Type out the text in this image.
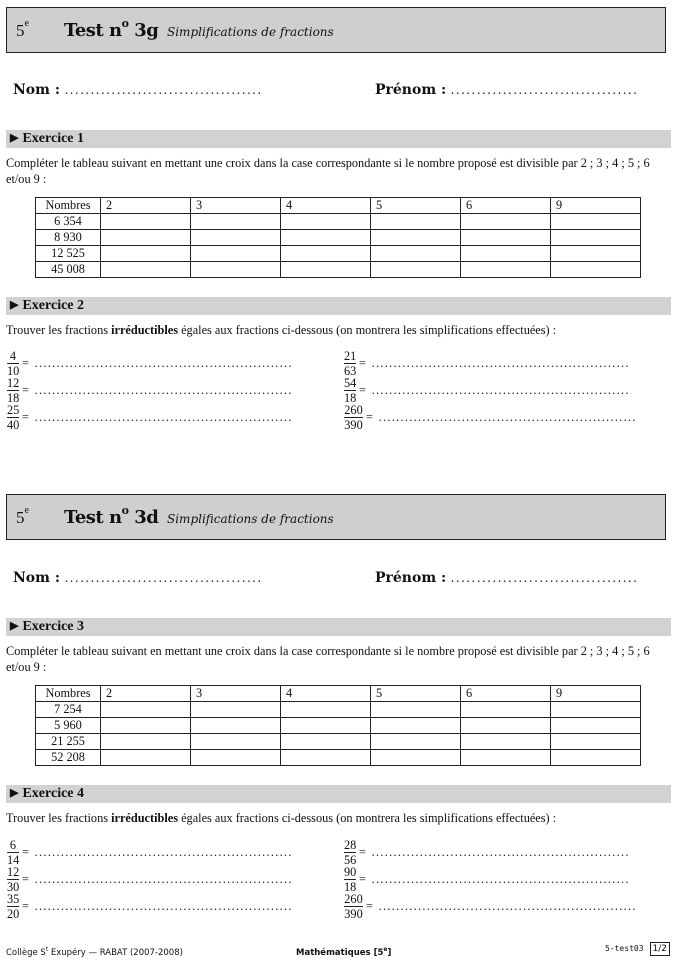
5e Test $n^o$ 3g Simplifications de fractions
Nom : ......................................	Prénom : ....................................
▶ Exercice 1
Compléter le tableau suivant en mettant une croix dans la case correspondante si le nombre proposé est divisible par 2 ; 3 ; 4 ; 5 ; 6 et/ou 9 :
Nombres	2	3	4	5	6	9
6 354						
8 930						
12 525						
45 008						
▶ Exercice 2
Trouver les fractions irréductibles égales aux fractions ci-dessous (on montrera les simplifications effectuées) :
4
10
= ...........................................................
12
18
= ...........................................................
25
40
= ...........................................................
21
63
= ...........................................................
54
18
= ...........................................................
260
390
= ...........................................................
5e Test $n^o$ 3d Simplifications de fractions
Nom : ......................................	Prénom : ....................................
▶ Exercice 3
Compléter le tableau suivant en mettant une croix dans la case correspondante si le nombre proposé est divisible par 2 ; 3 ; 4 ; 5 ; 6 et/ou 9 :
Nombres	2	3	4	5	6	9
7 254						
5 960						
21 255						
52 208						
▶ Exercice 4
Trouver les fractions irréductibles égales aux fractions ci-dessous (on montrera les simplifications effectuées) :
6
14
= ...........................................................
12
30
= ...........................................................
35
20
= ...........................................................
28
56
= ...........................................................
90
18
= ...........................................................
260
390
= ...........................................................
Collège $S^t$ Exupéry — RABAT (2007-2008)	Mathématiques [5e]	5-test03 1/2
